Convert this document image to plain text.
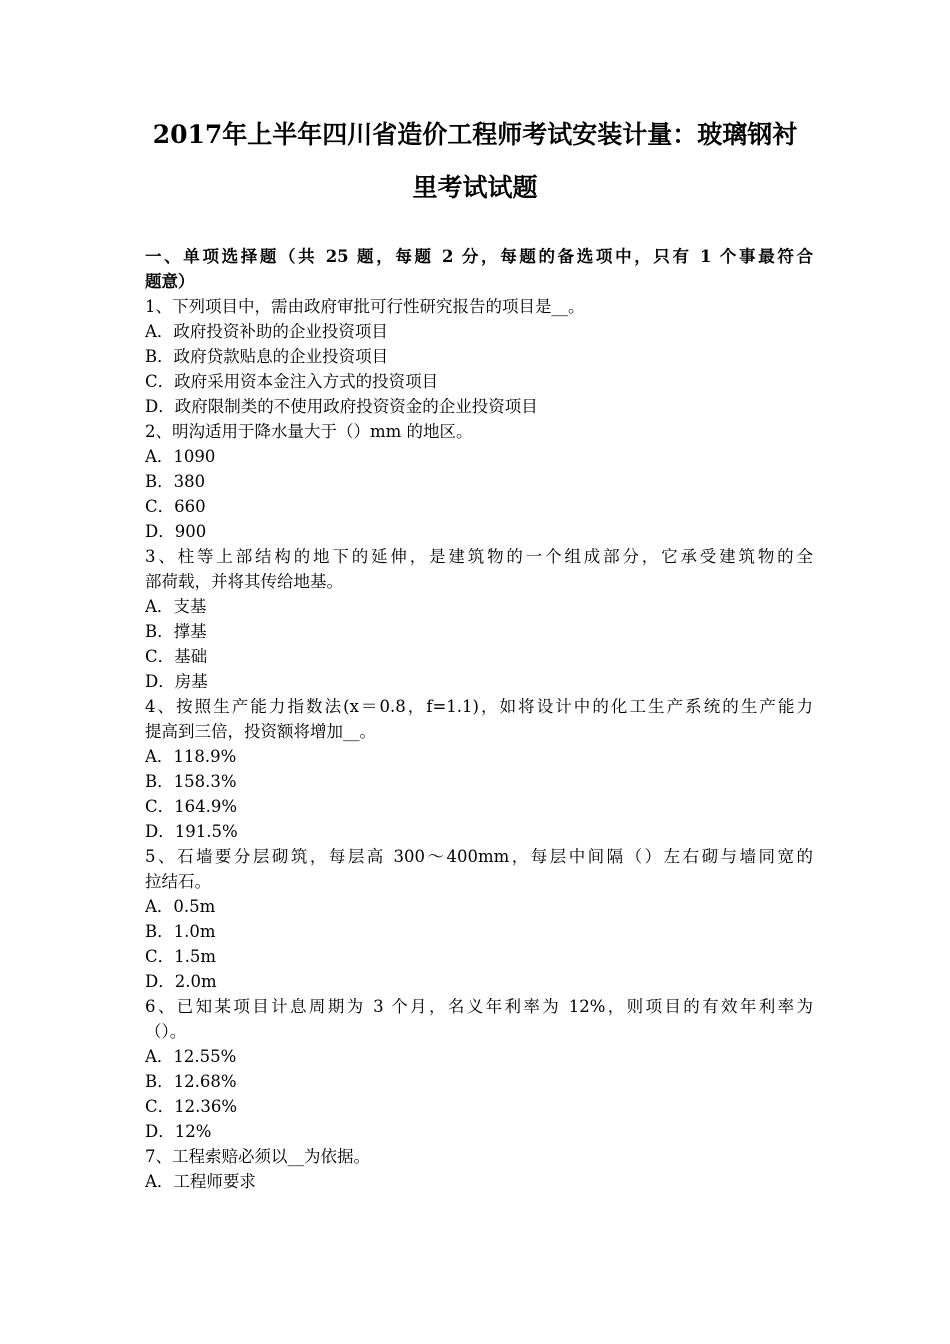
2017年上半年四川省造价工程师考试安装计量：玻璃钢衬
里考试试题
一、单项选择题（共 25 题，每题 2 分，每题的备选项中，只有 1 个事最符合
题意）
1、下列项目中，需由政府审批可行性研究报告的项目是__。
A．政府投资补助的企业投资项目
B．政府贷款贴息的企业投资项目
C．政府采用资本金注入方式的投资项目
D．政府限制类的不使用政府投资资金的企业投资项目
2、明沟适用于降水量大于（）mm 的地区。
A．1090
B．380
C．660
D．900
3、柱等上部结构的地下的延伸，是建筑物的一个组成部分，它承受建筑物的全
部荷载，并将其传给地基。
A．支基
B．撑基
C．基础
D．房基
4、按照生产能力指数法(x＝0.8，f=1.1)，如将设计中的化工生产系统的生产能力
提高到三倍，投资额将增加__。
A．118.9%
B．158.3%
C．164.9%
D．191.5%
5、石墙要分层砌筑，每层高 300～400mm，每层中间隔（）左右砌与墙同宽的
拉结石。
A．0.5m
B．1.0m
C．1.5m
D．2.0m
6、已知某项目计息周期为 3 个月，名义年利率为 12%，则项目的有效年利率为
（）。
A．12.55%
B．12.68%
C．12.36%
D．12%
7、工程索赔必须以__为依据。
A．工程师要求
